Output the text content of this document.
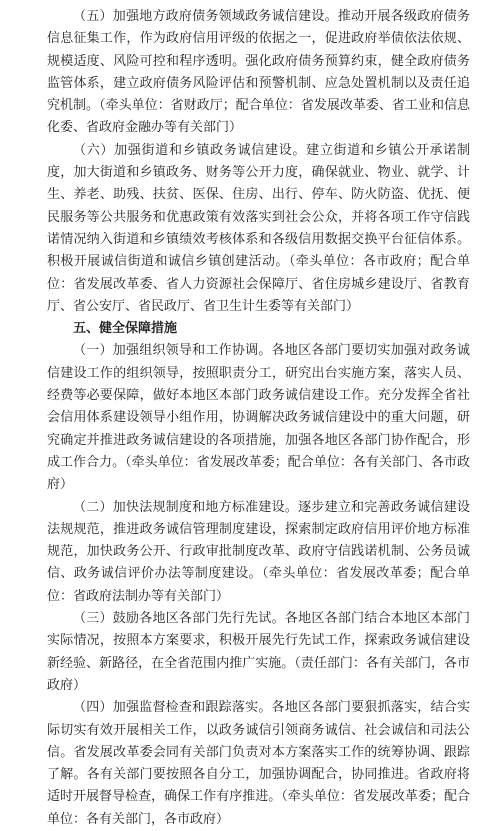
（五）加强地方政府债务领域政务诚信建设。推动开展各级政府债务信息征集工作，作为政府信用评级的依据之一，促进政府举债依法依规、规模适度、风险可控和程序透明。强化政府债务预算约束，健全政府债务监管体系，建立政府债务风险评估和预警机制、应急处置机制以及责任追究机制。（牵头单位：省财政厅；配合单位：省发展改革委、省工业和信息化委、省政府金融办等有关部门）

（六）加强街道和乡镇政务诚信建设。建立街道和乡镇公开承诺制度，加大街道和乡镇政务、财务等公开力度，确保就业、物业、就学、计生、养老、助残、扶贫、医保、住房、出行、停车、防火防盗、优抚、便民服务等公共服务和优惠政策有效落实到社会公众，并将各项工作守信践诺情况纳入街道和乡镇绩效考核体系和各级信用数据交换平台征信体系。积极开展诚信街道和诚信乡镇创建活动。（牵头单位：各市政府；配合单位：省发展改革委、省人力资源社会保障厅、省住房城乡建设厅、省教育厅、省公安厅、省民政厅、省卫生计生委等有关部门）

五、健全保障措施

（一）加强组织领导和工作协调。各地区各部门要切实加强对政务诚信建设工作的组织领导，按照职责分工，研究出台实施方案，落实人员、经费等必要保障，做好本地区本部门政务诚信建设工作。充分发挥全省社会信用体系建设领导小组作用，协调解决政务诚信建设中的重大问题，研究确定并推进政务诚信建设的各项措施，加强各地区各部门协作配合，形成工作合力。（牵头单位：省发展改革委；配合单位：各有关部门、各市政府）

（二）加快法规制度和地方标准建设。逐步建立和完善政务诚信建设法规规范，推进政务诚信管理制度建设，探索制定政府信用评价地方标准规范，加快政务公开、行政审批制度改革、政府守信践诺机制、公务员诚信、政务诚信评价办法等制度建设。（牵头单位：省发展改革委；配合单位：省政府法制办等有关部门）

（三）鼓励各地区各部门先行先试。各地区各部门结合本地区本部门实际情况，按照本方案要求，积极开展先行先试工作，探索政务诚信建设新经验、新路径，在全省范围内推广实施。（责任部门：各有关部门，各市政府）

（四）加强监督检查和跟踪落实。各地区各部门要狠抓落实，结合实际切实有效开展相关工作，以政务诚信引领商务诚信、社会诚信和司法公信。省发展改革委会同有关部门负责对本方案落实工作的统筹协调、跟踪了解。各有关部门要按照各自分工，加强协调配合，协同推进。省政府将适时开展督导检查，确保工作有序推进。（牵头单位：省发展改革委；配合单位：各有关部门，各市政府）
